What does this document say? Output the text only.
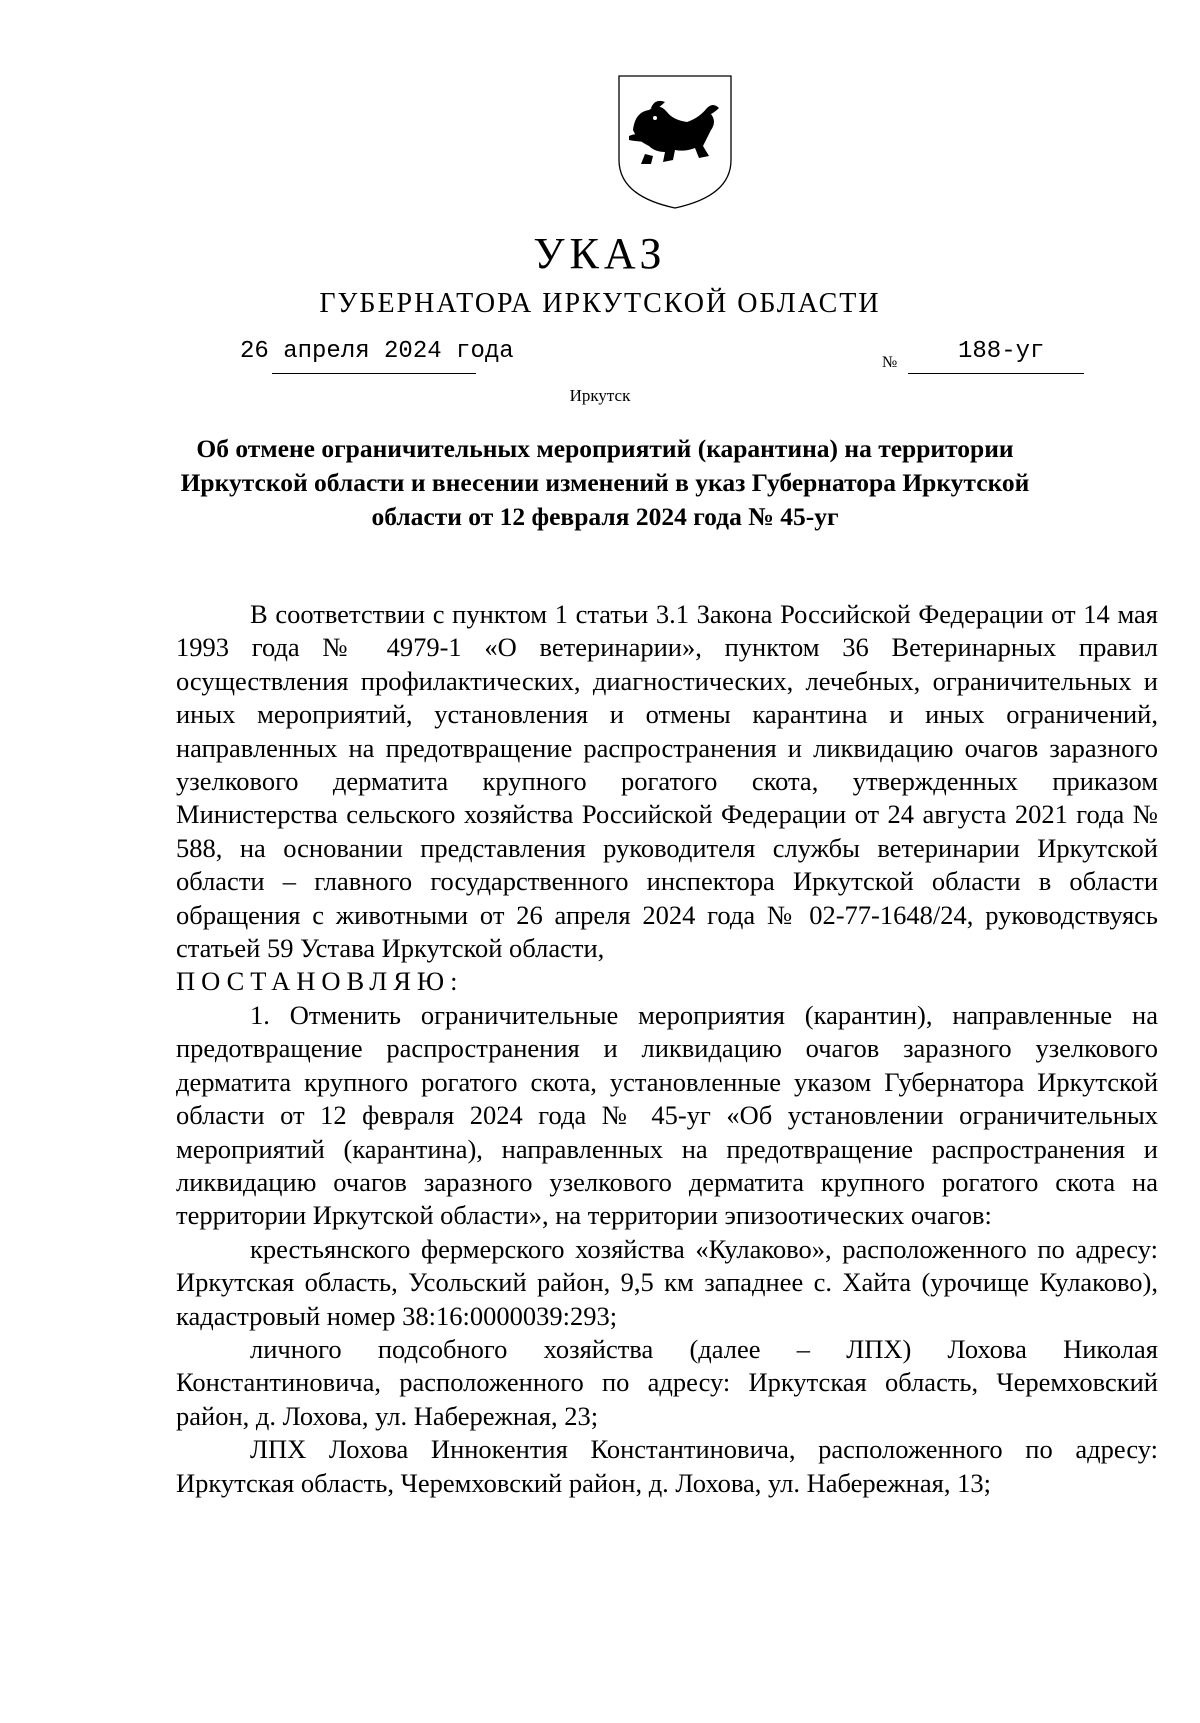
УКАЗ
ГУБЕРНАТОРА ИРКУТСКОЙ ОБЛАСТИ
26 апреля 2024 года	№	188-уг
Иркутск
Об отмене ограничительных мероприятий (карантина) на территории Иркутской области и внесении изменений в указ Губернатора Иркутской области от 12 февраля 2024 года № 45-уг

В соответствии с пунктом 1 статьи 3.1 Закона Российской Федерации от 14 мая 1993 года № 4979-1 «О ветеринарии», пунктом 36 Ветеринарных правил осуществления профилактических, диагностических, лечебных, ограничительных и иных мероприятий, установления и отмены карантина и иных ограничений, направленных на предотвращение распространения и ликвидацию очагов заразного узелкового дерматита крупного рогатого скота, утвержденных приказом Министерства сельского хозяйства Российской Федерации от 24 августа 2021 года № 588, на основании представления руководителя службы ветеринарии Иркутской области – главного государственного инспектора Иркутской области в области обращения с животными от 26 апреля 2024 года № 02-77-1648/24, руководствуясь статьей 59 Устава Иркутской области,

ПОСТАНОВЛЯЮ:

1. Отменить ограничительные мероприятия (карантин), направленные на предотвращение распространения и ликвидацию очагов заразного узелкового дерматита крупного рогатого скота, установленные указом Губернатора Иркутской области от 12 февраля 2024 года № 45-уг «Об установлении ограничительных мероприятий (карантина), направленных на предотвращение распространения и ликвидацию очагов заразного узелкового дерматита крупного рогатого скота на территории Иркутской области», на территории эпизоотических очагов:

крестьянского фермерского хозяйства «Кулаково», расположенного по адресу: Иркутская область, Усольский район, 9,5 км западнее с. Хайта (урочище Кулаково), кадастровый номер 38:16:0000039:293;

личного подсобного хозяйства (далее – ЛПХ) Лохова Николая Константиновича, расположенного по адресу: Иркутская область, Черемховский район, д. Лохова, ул. Набережная, 23;

ЛПХ Лохова Иннокентия Константиновича, расположенного по адресу: Иркутская область, Черемховский район, д. Лохова, ул. Набережная, 13;
